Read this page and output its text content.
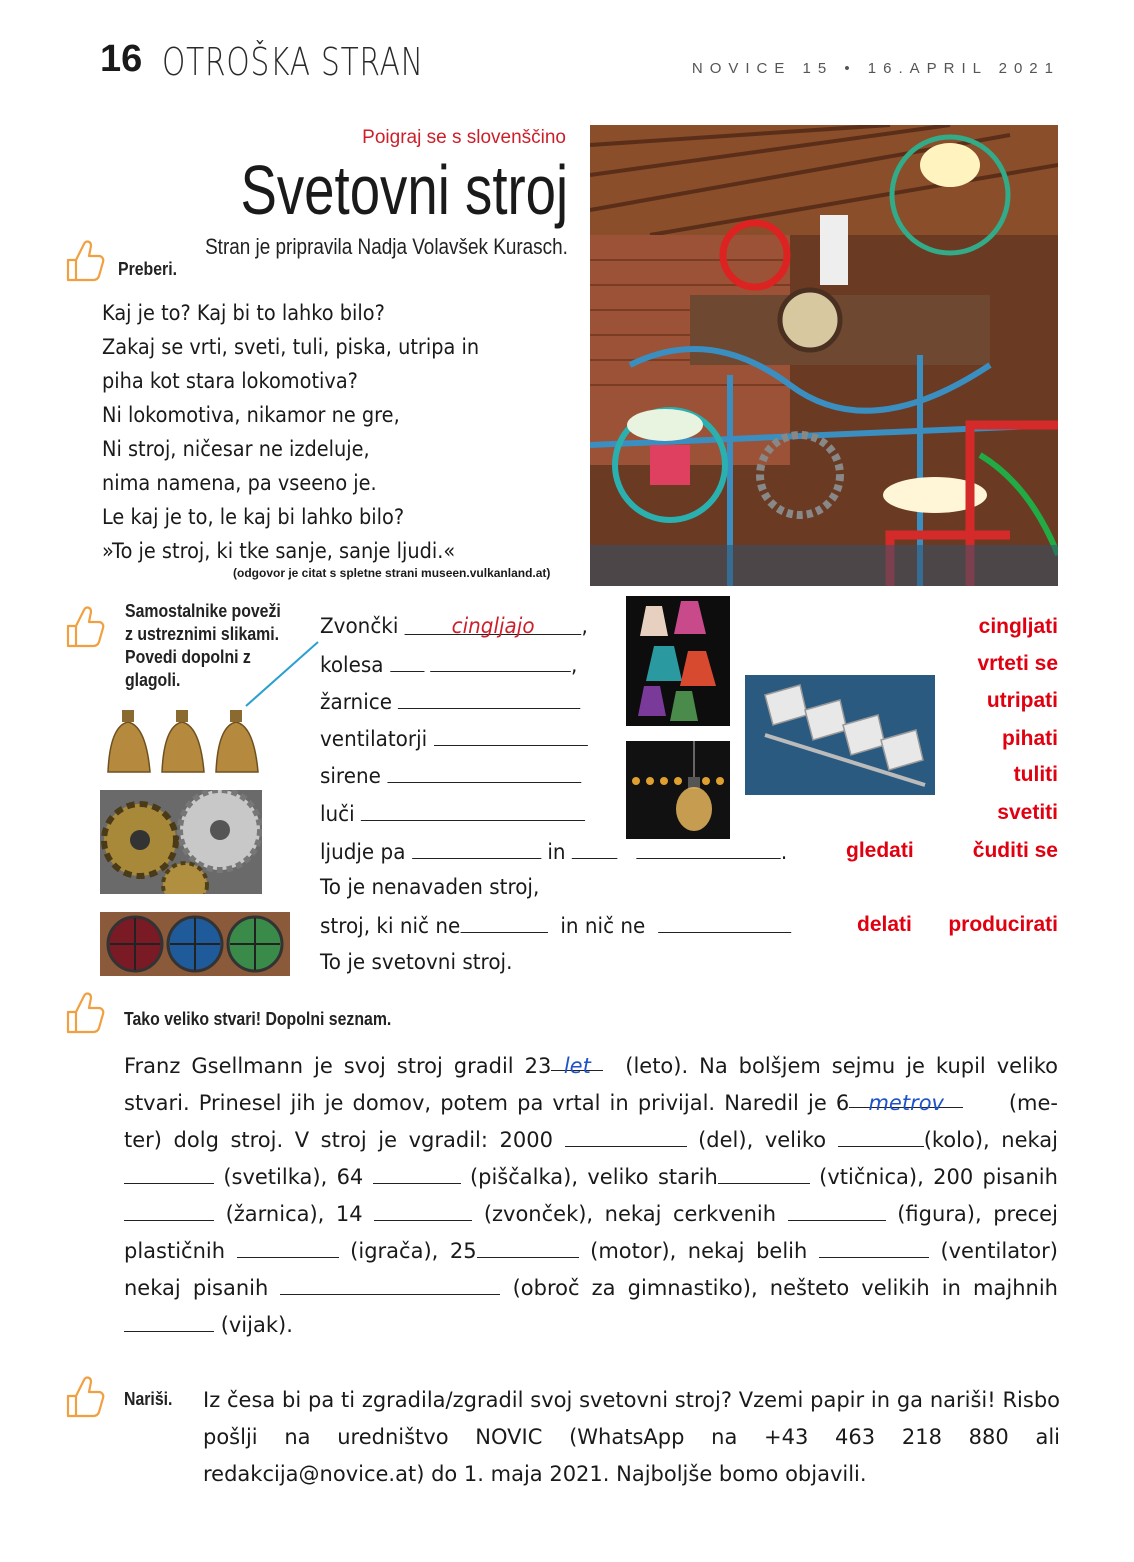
16 OTROŠKA STRAN	NOVICE 15 • 16.APRIL 2021
Poigraj se s slovenščino
Svetovni stroj
Stran je pripravila Nadja Volavšek Kurasch.
Preberi.
Kaj je to? Kaj bi to lahko bilo?
Zakaj se vrti, sveti, tuli, piska, utripa in
piha kot stara lokomotiva?
Ni lokomotiva, nikamor ne gre,
Ni stroj, ničesar ne izdeluje,
nima namena, pa vseeno je.
Le kaj je to, le kaj bi lahko bilo?
»To je stroj, ki tke sanje, sanje ljudi.«
(odgovor je citat s spletne strani museen.vulkanland.at)
Samostalnike poveži
z ustreznimi slikami.
Povedi dopolni z
glagoli.
Zvončki	cingljajo ,
kolesa	,
žarnice
ventilatorji
sirene
luči
ljudje pa	in	.
To je nenavaden stroj,
stroj, ki nič ne	in nič ne
To je svetovni stroj.
cingljati
vrteti se
utripati
pihati
tuliti
svetiti
gledati	čuditi se
delati producirati
Tako veliko stvari! Dopolni seznam.
Franz Gsellmann je svoj stroj gradil 23 let (leto). Na bolšjem sejmu je kupil veliko stvari. Prinesel jih je domov, potem pa vrtal in privijal. Naredil je 6 metrov	(me- ter) dolg stroj. V stroj je vgradil: 2000	(del), veliko	(kolo), nekaj  (svetilka), 64	(piščalka), veliko starih	(vtičnica), 200 pisanih  (žarnica), 14	(zvonček), nekaj cerkvenih	(figura), precej plastičnih	(igrača), 25	(motor), nekaj belih	(ventilator) nekaj pisanih	(obroč za gimnastiko), nešteto velikih in majhnih  (vijak).
Nariši. Iz česa bi pa ti zgradila/zgradil svoj svetovni stroj? Vzemi papir in ga nariši! Risbo pošlji na uredništvo NOVIC (WhatsApp na +43 463 218 880 ali redakcija@novice.at) do 1. maja 2021. Najboljše bomo objavili.
